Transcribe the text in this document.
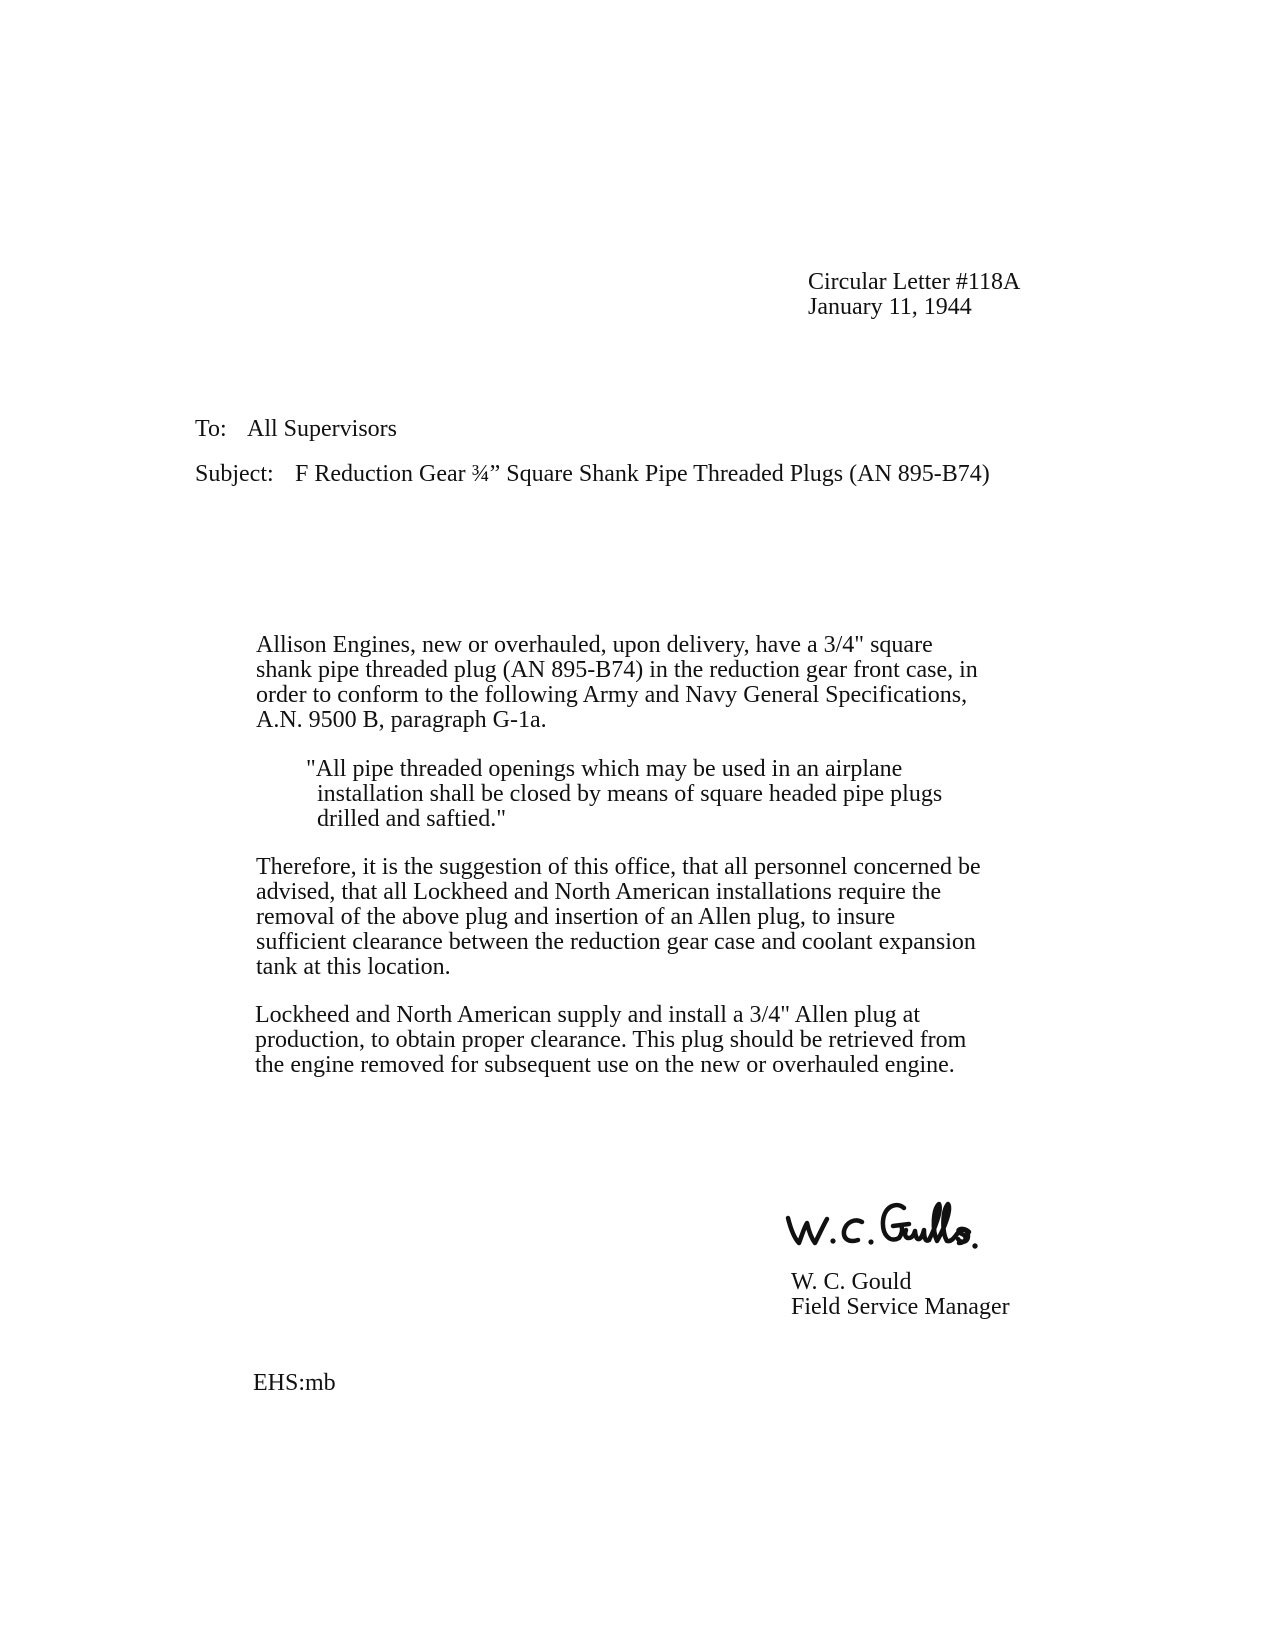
Circular Letter #118A
January 11, 1944
To: All Supervisors
Subject: F Reduction Gear ¾” Square Shank Pipe Threaded Plugs (AN 895-B74)
Allison Engines, new or overhauled, upon delivery, have a 3/4" square
shank pipe threaded plug (AN 895-B74) in the reduction gear front case, in
order to conform to the following Army and Navy General Specifications,
A.N. 9500 B, paragraph G-1a.
"All pipe threaded openings which may be used in an airplane
installation shall be closed by means of square headed pipe plugs
drilled and saftied."
Therefore, it is the suggestion of this office, that all personnel concerned be
advised, that all Lockheed and North American installations require the
removal of the above plug and insertion of an Allen plug, to insure
sufficient clearance between the reduction gear case and coolant expansion
tank at this location.
Lockheed and North American supply and install a 3/4" Allen plug at
production, to obtain proper clearance. This plug should be retrieved from
the engine removed for subsequent use on the new or overhauled engine.
W. C. Gould
Field Service Manager
EHS:mb
